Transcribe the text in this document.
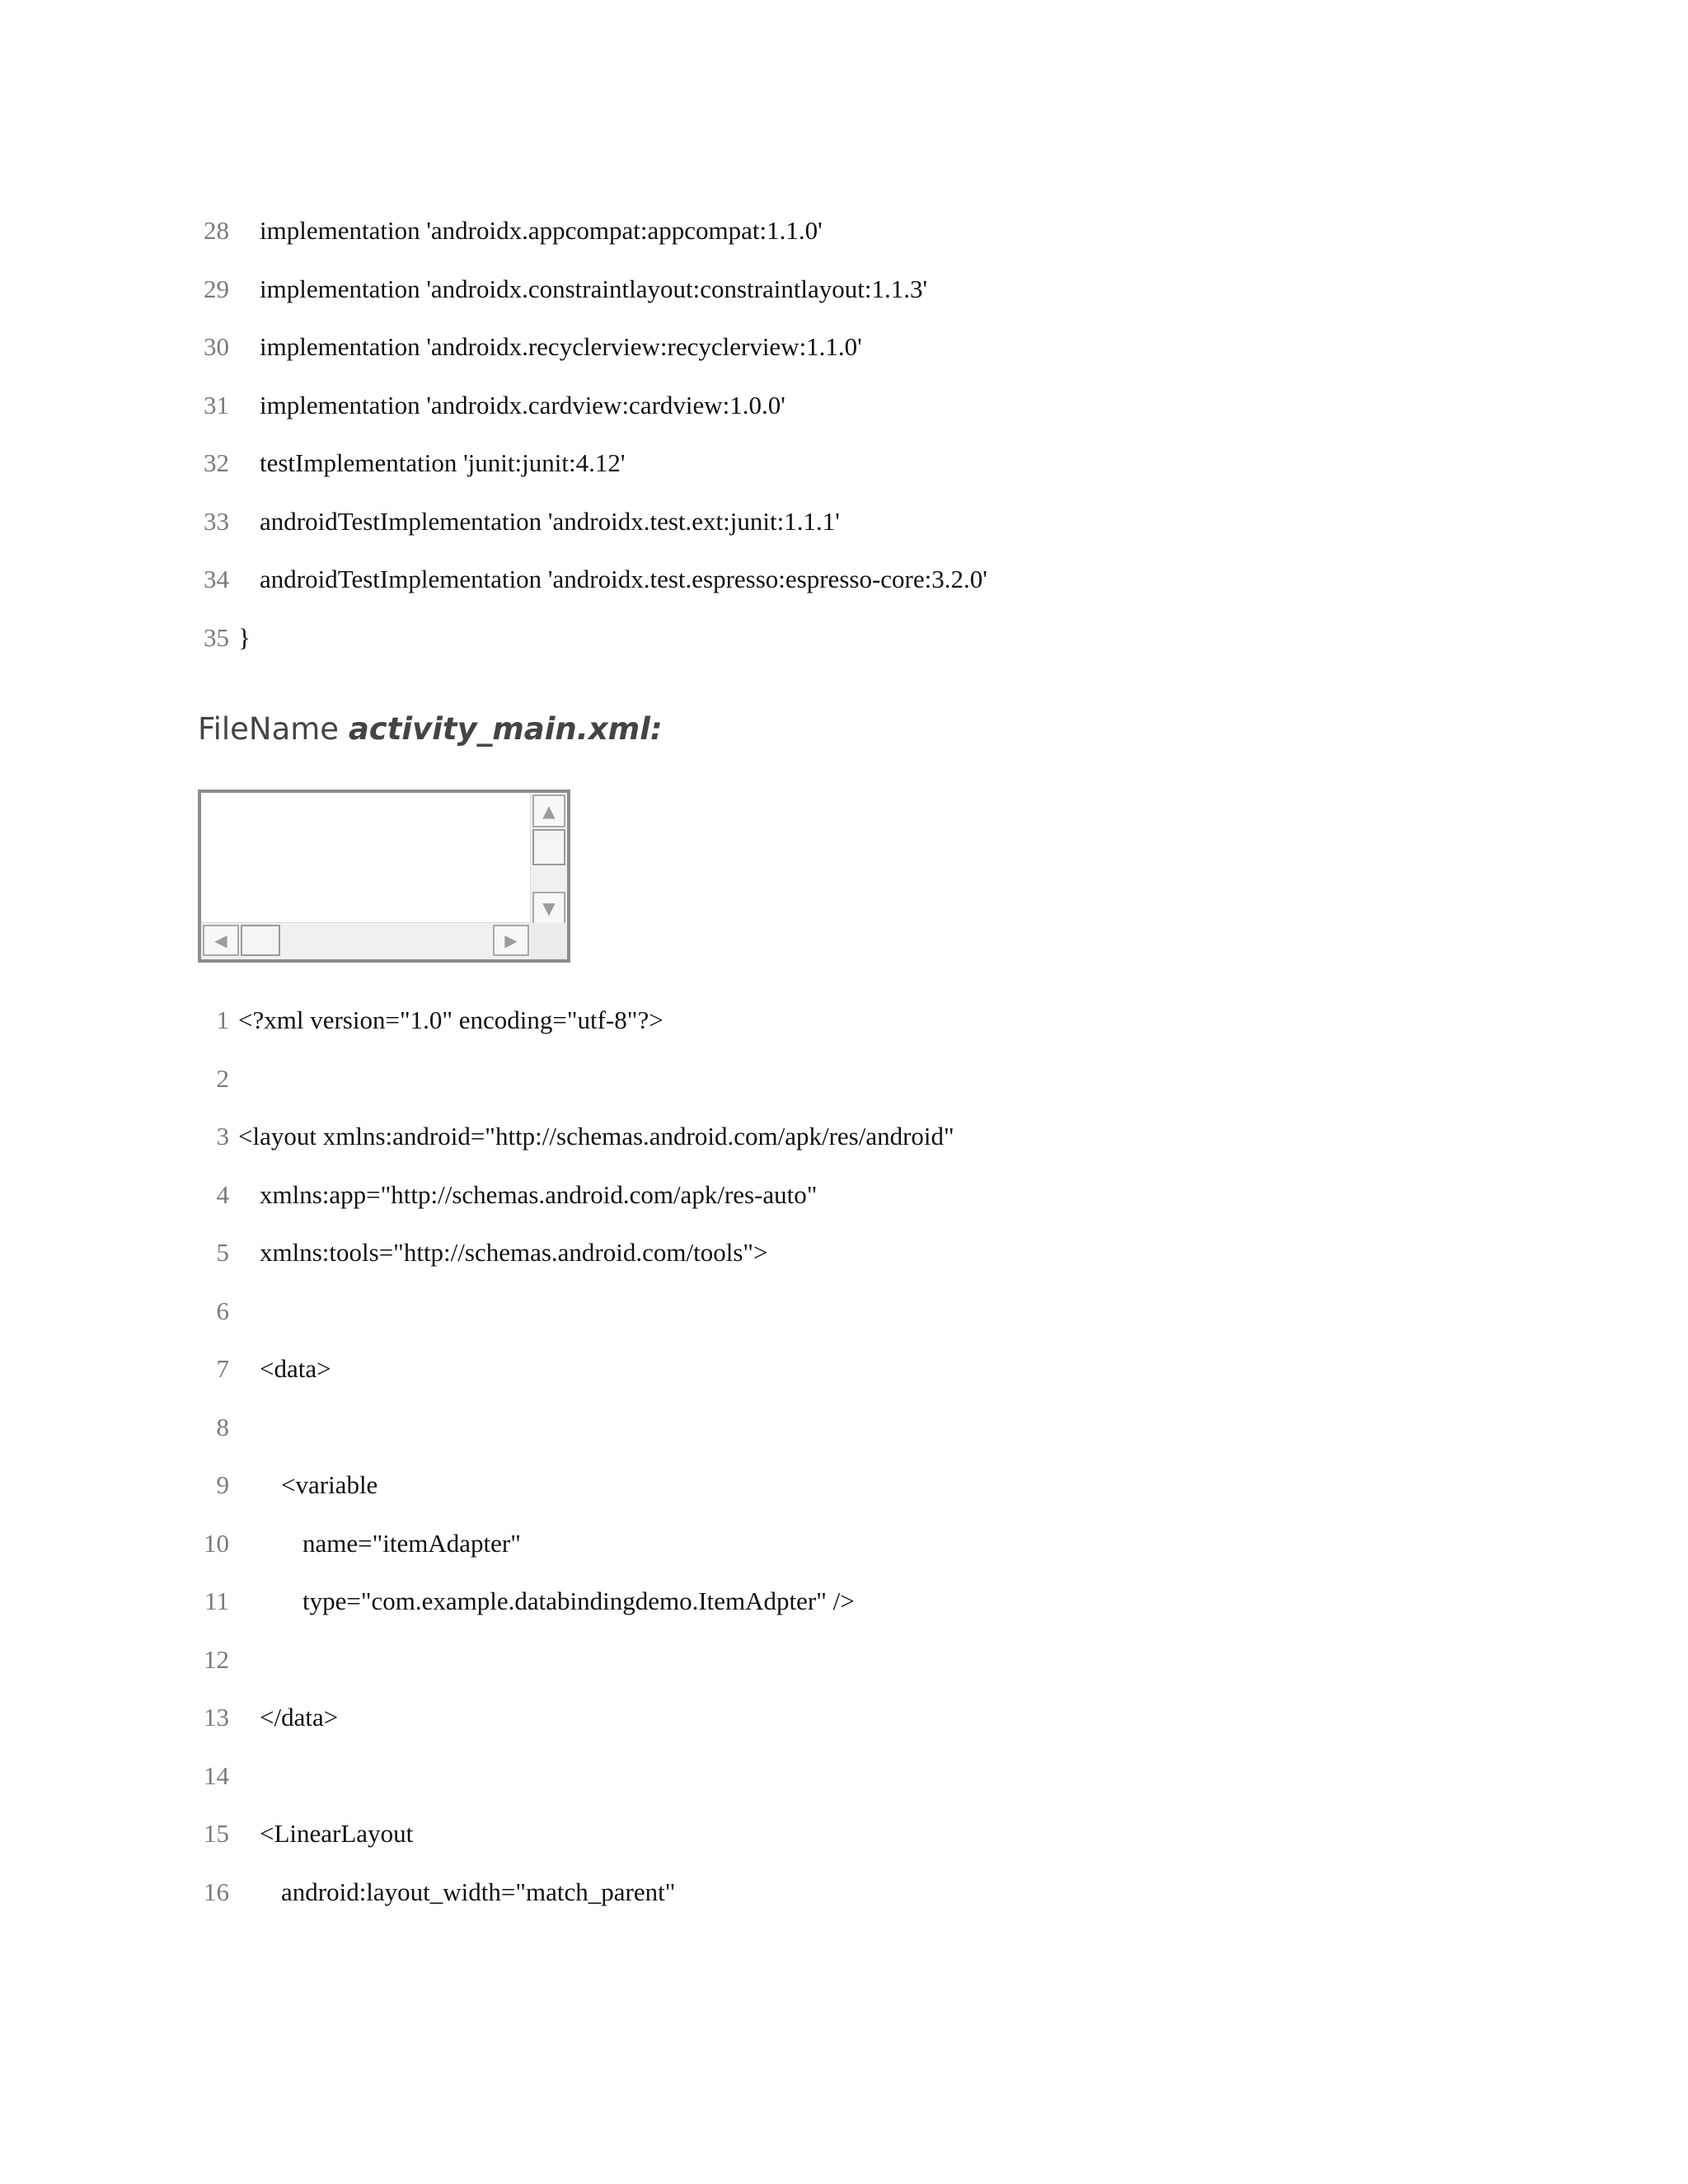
28 implementation 'androidx.appcompat:appcompat:1.1.0'
29 implementation 'androidx.constraintlayout:constraintlayout:1.1.3'
30 implementation 'androidx.recyclerview:recyclerview:1.1.0'
31 implementation 'androidx.cardview:cardview:1.0.0'
32 testImplementation 'junit:junit:4.12'
33 androidTestImplementation 'androidx.test.ext:junit:1.1.1'
34 androidTestImplementation 'androidx.test.espresso:espresso-core:3.2.0'
35 }
FileName activity_main.xml:
▲
▼
◀	▶
1 <?xml version="1.0" encoding="utf-8"?>
2
3 <layout xmlns:android="http://schemas.android.com/apk/res/android"
4 xmlns:app="http://schemas.android.com/apk/res-auto"
5 xmlns:tools="http://schemas.android.com/tools">
6
7 <data>
8
9 <variable
10	name="itemAdapter"
11	type="com.example.databindingdemo.ItemAdpter" />
12
13 </data>
14
15 <LinearLayout
16 android:layout_width="match_parent"
